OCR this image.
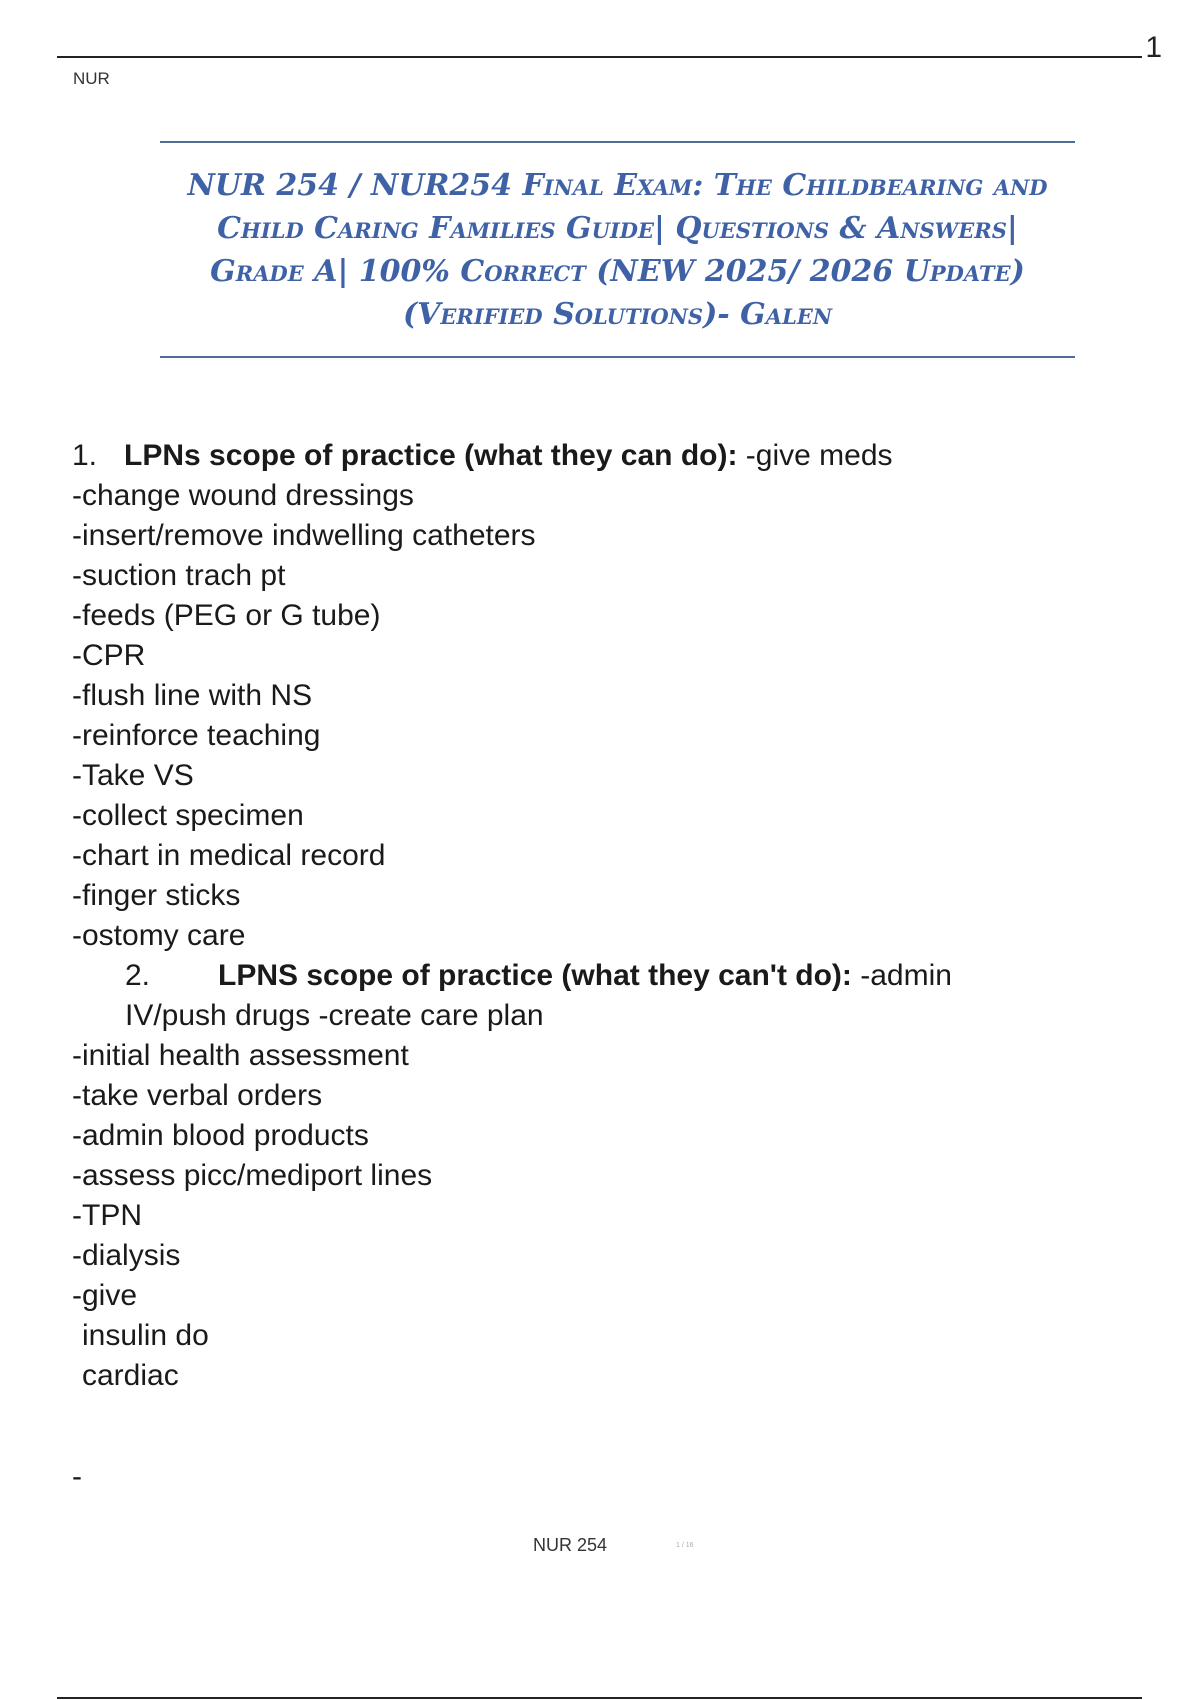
1
NUR
NUR 254 / NUR254 Final Exam: The Childbearing and
Child Caring Families Guide| Questions & Answers|
Grade A| 100% Correct (NEW 2025/ 2026 Update)
(Verified Solutions)- Galen

1. LPNs scope of practice (what they can do): -give meds

-change wound dressings

-insert/remove indwelling catheters

-suction trach pt

-feeds (PEG or G tube)

-CPR

-flush line with NS

-reinforce teaching

-Take VS

-collect specimen

-chart in medical record

-finger sticks

-ostomy care

2. LPNS scope of practice (what they can't do): -admin

IV/push drugs -create care plan

-initial health assessment

-take verbal orders

-admin blood products

-assess picc/mediport lines

-TPN

-dialysis

-give

insulin do

cardiac

-
NUR 254	1 / 16
